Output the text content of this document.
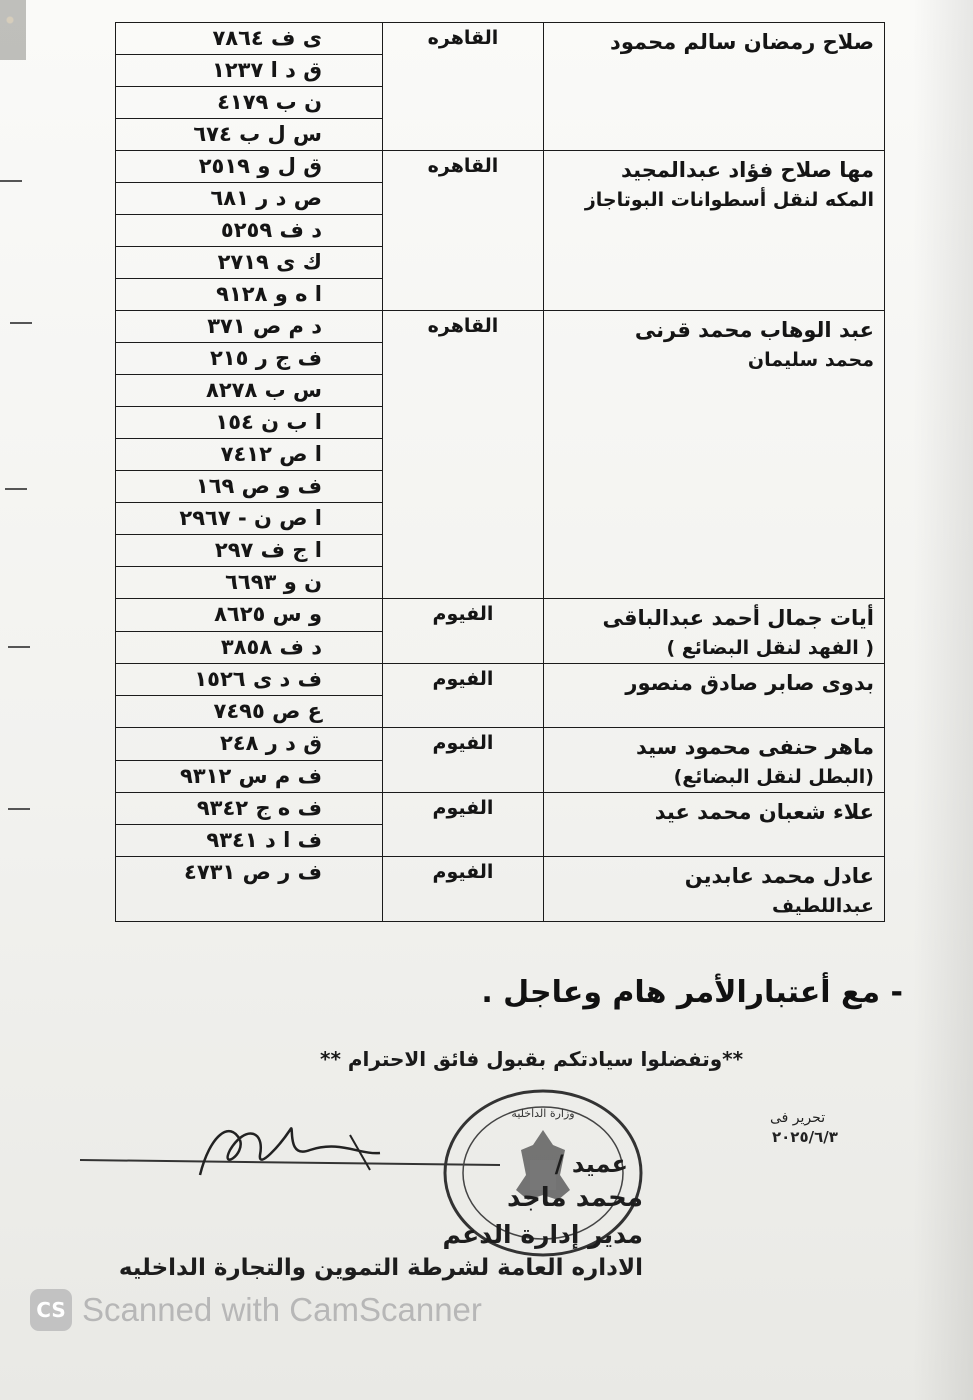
صلاح رمضان سالم محمود	القاهره	ى ف ٧٨٦٤
		ق د ا ١٢٣٧
		ن ب ٤١٧٩
		س ل ب ٦٧٤

مها صلاح فؤاد عبدالمجيد
المكه لنقل أسطوانات البوتاجاز	القاهره	ق ل و ٢٥١٩
		ص د ر ٦٨١
		د ف ٥٢٥٩
		ك ى ٢٧١٩
		ا ه و ٩١٢٨

عبد الوهاب محمد قرنى
محمد سليمان	القاهره	د م ص ٣٧١
		ف ج ر ٢١٥
		س ب ٨٢٧٨
		ا ب ن ١٥٤
		ا ص ٧٤١٢
		ف و ص ١٦٩
		ا ص ن - ٢٩٦٧
		ا ج ف ٢٩٧
		ن و ٦٦٩٣

أيات جمال أحمد عبدالباقى
( الفهد لنقل البضائع )	الفيوم	و س ٨٦٢٥
		د ف ٣٨٥٨

بدوى صابر صادق منصور	الفيوم	ف د ى ١٥٢٦
		ع ص ٧٤٩٥

ماهر حنفى محمود سيد
(البطل لنقل البضائع)	الفيوم	ق د ر ٢٤٨
		ف م س ٩٣١٢

علاء شعبان محمد عيد	الفيوم	ف ه ج ٩٣٤٢
		ف ا د ٩٣٤١

عادل محمد عابدين
عبداللطيف	الفيوم	ف ر ص ٤٧٣١
- مع أعتبارالأمر هام وعاجل .
**وتفضلوا سيادتكم بقبول فائق الاحترام **
تحرير فى
٢٠٢٥/٦/٣
وزارة الداخلية
عميد /
محمد ماجد
مدير إدارة الدعم
الاداره العامة لشرطة التموين والتجارة الداخليه
CS Scanned with CamScanner
